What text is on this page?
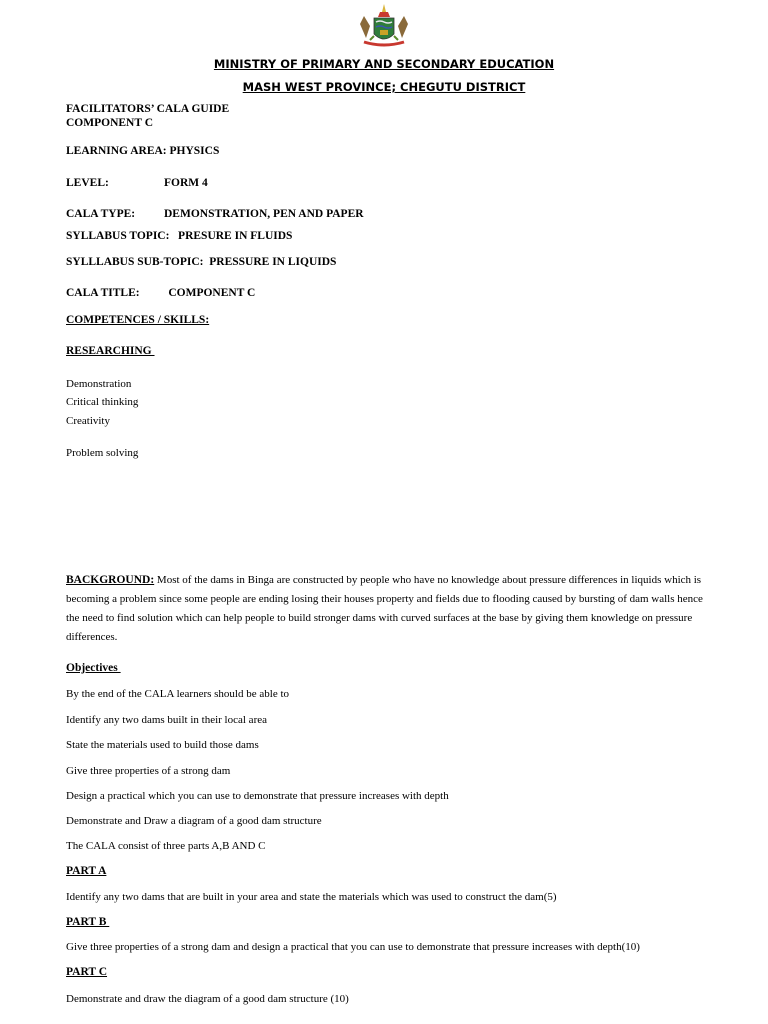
MINISTRY OF PRIMARY AND SECONDARY EDUCATION
MASH WEST PROVINCE; CHEGUTU DISTRICT
FACILITATORS’ CALA GUIDE
COMPONENT C
LEARNING AREA: PHYSICS
LEVEL:	FORM 4
CALA TYPE:	DEMONSTRATION, PEN AND PAPER
SYLLABUS TOPIC:   PRESURE IN FLUIDS
SYLLLABUS SUB-TOPIC:  PRESSURE IN LIQUIDS
CALA TITLE:          COMPONENT C
COMPETENCES / SKILLS:
RESEARCHING
Demonstration
Critical thinking
Creativity
Problem solving
BACKGROUND: Most of the dams in Binga are constructed by people who have no knowledge about pressure differences in liquids which is becoming a problem since some people are ending losing their houses property and fields due to flooding caused by bursting of dam walls hence the need to find solution which can help people to build stronger dams with curved surfaces at the base by giving them knowledge on pressure differences.
Objectives
By the end of the CALA learners should be able to
Identify any two dams built in their local area
State the materials used to build those dams
Give three properties of a strong dam
Design a practical which you can use to demonstrate that pressure increases with depth
Demonstrate and Draw a diagram of a good dam structure
The CALA consist of three parts A,B AND C
PART A
Identify any two dams that are built in your area and state the materials which was used to construct the dam(5)
PART B
Give three properties of a strong dam and design a practical that you can use to demonstrate that pressure increases with depth(10)
PART C
Demonstrate and draw the diagram of a good dam structure (10)
